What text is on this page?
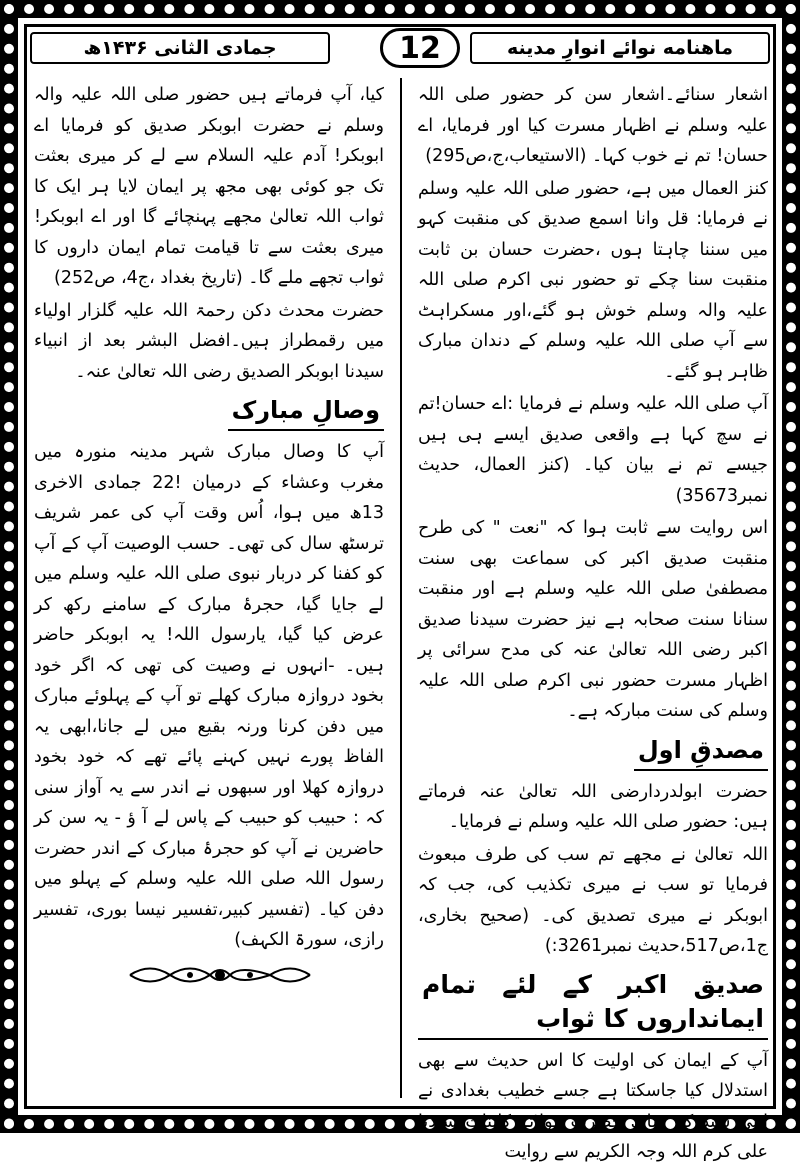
جمادی الثانی ۱۴۳۶ھ	12	ماهنامه نوائے انوارِ مدینه

اشعار سنائے۔اشعار سن کر حضور صلی اللہ علیہ وسلم نے اظہار مسرت کیا اور فرمایا، اے حسان! تم نے خوب کہا۔ (الاستیعاب،ج،ص295)

کنز العمال میں ہے، حضور صلی اللہ علیہ وسلم نے فرمایا: قل وانا اسمع صدیق کی منقبت کہو میں سننا چاہتا ہوں ،حضرت حسان بن ثابت منقبت سنا چکے تو حضور نبی اکرم صلی اللہ علیہ والہ وسلم خوش ہو گئے،اور مسکراہٹ سے آپ صلی اللہ علیہ وسلم کے دندان مبارک ظاہر ہو گئے۔

آپ صلی اللہ علیہ وسلم نے فرمایا :اے حسان!تم نے سچ کہا ہے واقعی صدیق ایسے ہی ہیں جیسے تم نے بیان کیا۔ (کنز العمال، حدیث نمبر35673)

اس روایت سے ثابت ہوا کہ "نعت " کی طرح منقبت صدیق اکبر کی سماعت بھی سنت مصطفیٰ صلی اللہ علیہ وسلم ہے اور منقبت سنانا سنت صحابہ ہے نیز حضرت سیدنا صدیق اکبر رضی اللہ تعالیٰ عنہ کی مدح سرائی پر اظہار مسرت حضور نبی اکرم صلی اللہ علیہ وسلم کی سنت مبارکہ ہے۔

مصدقِ اول

حضرت ابولدردارضی اللہ تعالیٰ عنہ فرماتے ہیں: حضور صلی اللہ علیہ وسلم نے فرمایا۔

اللہ تعالیٰ نے مجھے تم سب کی طرف مبعوث فرمایا تو سب نے میری تکذیب کی، جب کہ ابوبکر نے میری تصدیق کی۔ (صحیح بخاری، ج1،ص517،حدیث نمبر3261:)

صدیق اکبر کے لئے تمام ایمانداروں کا ثواب

آپ کے ایمان کی اولیت کا اس حدیث سے بھی استدلال کیا جاسکتا ہے جسے خطیب بغدادی نے اپنی سند کے ساتھ حضرت مولائے کائنات سیدنا علی کرم اللہ وجہ الکریم سے روایت

کیا، آپ فرماتے ہیں حضور صلی اللہ علیہ والہ وسلم نے حضرت ابوبکر صدیق کو فرمایا اے ابوبکر! آدم علیہ السلام سے لے کر میری بعثت تک جو کوئی بھی مجھ پر ایمان لایا ہر ایک کا ثواب اللہ تعالیٰ مجھے پہنچائے گا اور اے ابوبکر! میری بعثت سے تا قیامت تمام ایمان داروں کا ثواب تجھے ملے گا۔ (تاریخ بغداد ،ج4، ص252)

حضرت محدث دکن رحمۃ اللہ علیہ گلزار اولیاء میں رقمطراز ہیں۔افضل البشر بعد از انبیاء سیدنا ابوبکر الصدیق رضی اللہ تعالیٰ عنہ۔

وصالِ مبارک

آپ کا وصال مبارک شہر مدینہ منورہ میں مغرب وعشاء کے درمیان !22 جمادی الاخری 13ھ میں ہوا، اُس وقت آپ کی عمر شریف ترسٹھ سال کی تھی۔ حسب الوصیت آپ کے آپ کو کفنا کر دربار نبوی صلی اللہ علیہ وسلم میں لے جایا گیا، حجرۂ مبارک کے سامنے رکھ کر عرض کیا گیا، یارسول اللہ! یہ ابوبکر حاضر ہیں۔ -انہوں نے وصیت کی تھی کہ اگر خود بخود دروازہ مبارک کھلے تو آپ کے پہلوئے مبارک میں دفن کرنا ورنہ بقیع میں لے جانا،ابھی یہ الفاظ پورے نہیں کہنے پائے تھے کہ خود بخود دروازہ کھلا اور سبھوں نے اندر سے یہ آواز سنی کہ : حبیب کو حبیب کے پاس لے آ ؤ - یہ سن کر حاضرین نے آپ کو حجرۂ مبارک کے اندر حضرت رسول اللہ صلی اللہ علیہ وسلم کے پہلو میں دفن کیا۔ (تفسیر کبیر،تفسیر نیسا بوری، تفسیر رازی، سورۃ الکہف)
